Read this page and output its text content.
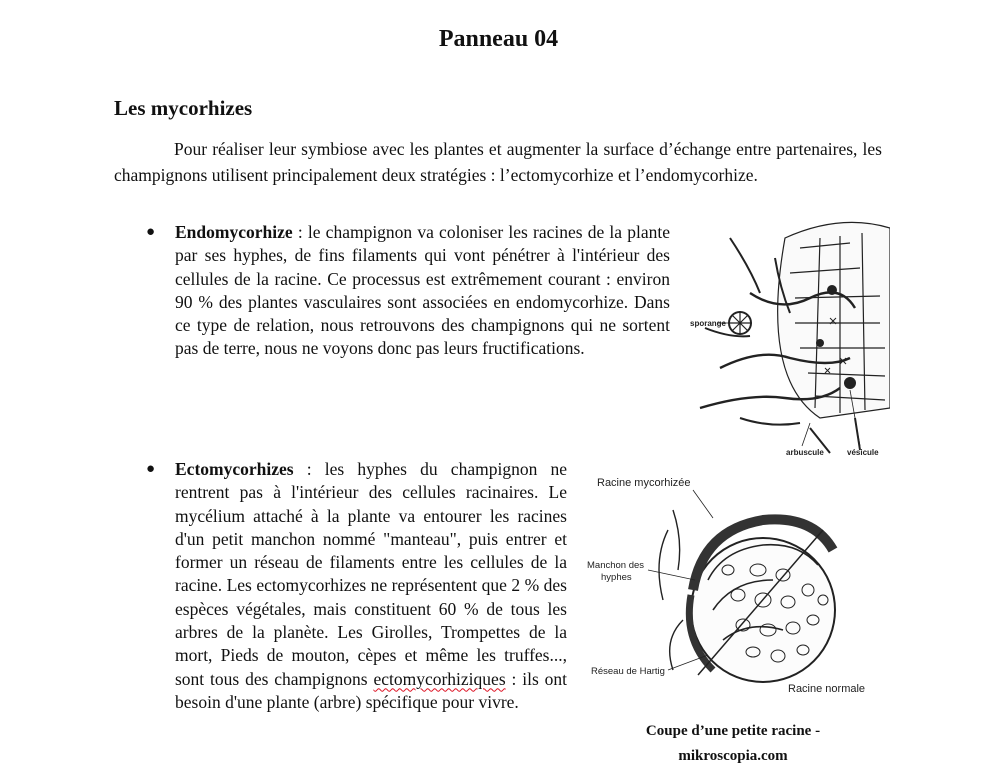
Panneau 04
Les mycorhizes

Pour réaliser leur symbiose avec les plantes et augmenter la surface d’échange entre partenaires, les champignons utilisent principalement deux stratégies : l’ectomycorhize et l’endomycorhize.

● Endomycorhize : le champignon va coloniser les racines de la plante par ses hyphes, de fins filaments qui vont pénétrer à l'intérieur des cellules de la racine. Ce processus est extrêmement courant : environ 90 % des plantes vasculaires sont associées en endomycorhize. Dans ce type de relation, nous retrouvons des champignons qui ne sortent pas de terre, nous ne voyons donc pas leurs fructifications.

● Ectomycorhizes : les hyphes du champignon ne rentrent pas à l'intérieur des cellules racinaires. Le mycélium attaché à la plante va entourer les racines d'un petit manchon nommé "manteau", puis entrer et former un réseau de filaments entre les cellules de la racine. Les ectomycorhizes ne représentent que 2 % des espèces végétales, mais constituent 60 % de tous les arbres de la planète. Les Girolles, Trompettes de la mort, Pieds de mouton, cèpes et même les truffes..., sont tous des champignons ectomycorhiziques : ils ont besoin d'une plante (arbre) spécifique pour vivre.

sporange
arbuscule	vésicule
Racine mycorhizée
Manchon des
hyphes
Réseau de Hartig
Racine normale
Coupe d’une petite racine -
mikroscopia.com
